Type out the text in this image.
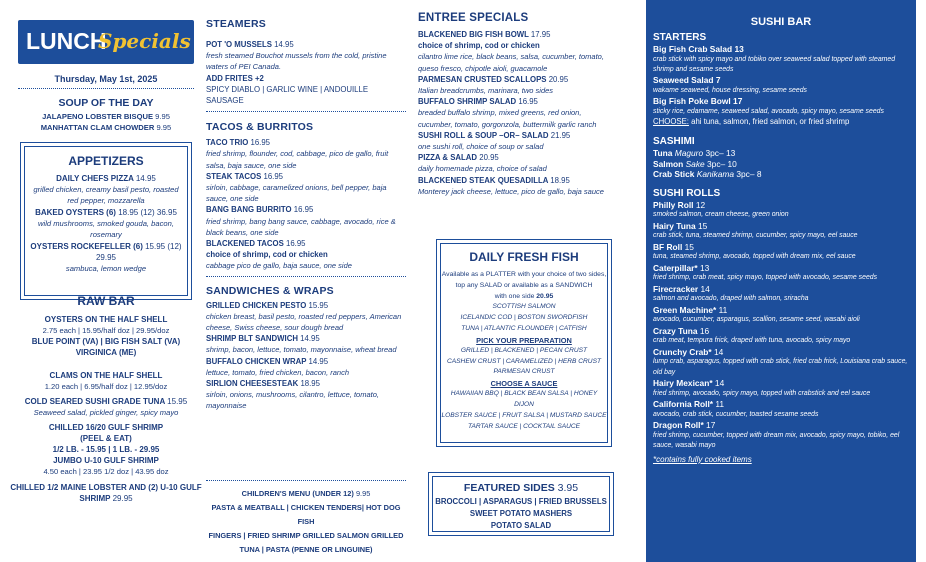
LUNCH
Specials
Thursday, May 1st, 2025
SOUP OF THE DAY
JALAPENO LOBSTER BISQUE 9.95
MANHATTAN CLAM CHOWDER 9.95
APPETIZERS
DAILY CHEFS PIZZA 14.95
grilled chicken, creamy basil pesto, roasted red pepper, mozzarella
BAKED OYSTERS (6) 18.95 (12) 36.95
wild mushrooms, smoked gouda, bacon, rosemary
OYSTERS ROCKEFELLER (6) 15.95 (12) 29.95
sambuca, lemon wedge
RAW BAR
OYSTERS ON THE HALF SHELL
2.75 each | 15.95/half doz | 29.95/doz
BLUE POINT (VA) | BIG FISH SALT (VA)
VIRGINICA (ME)
CLAMS ON THE HALF SHELL
1.20 each | 6.95/half doz | 12.95/doz
COLD SEARED SUSHI GRADE TUNA 15.95
Seaweed salad, pickled ginger, spicy mayo
CHILLED 16/20 GULF SHRIMP
(PEEL & EAT)
1/2 LB. - 15.95 | 1 LB. - 29.95
JUMBO U-10 GULF SHRIMP
4.50 each | 23.95 1/2 doz | 43.95 doz
CHILLED 1/2 MAINE LOBSTER AND (2) U-10 GULF
SHRIMP 29.95
STEAMERS
POT 'O MUSSELS 14.95
fresh steamed Bouchot mussels from the cold, pristine waters of PEI Canada.
ADD FRITES +2
SPICY DIABLO | GARLIC WINE | ANDOUILLE SAUSAGE
TACOS & BURRITOS
TACO TRIO 16.95
fried shrimp, flounder, cod, cabbage, pico de gallo, fruit salsa, baja sauce, one side
STEAK TACOS 16.95
sirloin, cabbage, caramelized onions, bell pepper, baja sauce, one side
BANG BANG BURRITO 16.95
fried shrimp, bang bang sauce, cabbage, avocado, rice & black beans, one side
BLACKENED TACOS 16.95
choice of shrimp, cod or chicken
cabbage pico de gallo, baja sauce, one side
SANDWICHES & WRAPS
GRILLED CHICKEN PESTO 15.95
chicken breast, basil pesto, roasted red peppers, American cheese, Swiss cheese, sour dough bread
SHRIMP BLT SANDWICH 14.95
shrimp, bacon, lettuce, tomato, mayonnaise, wheat bread
BUFFALO CHICKEN WRAP 14.95
lettuce, tomato, fried chicken, bacon, ranch
SIRLION CHEESESTEAK 18.95
sirloin, onions, mushrooms, cilantro, lettuce, tomato, mayonnaise
CHILDREN'S MENU (UNDER 12) 9.95
PASTA & MEATBALL | CHICKEN TENDERS| HOT DOG FISH
FINGERS | FRIED SHRIMP GRILLED SALMON GRILLED
TUNA | PASTA (PENNE OR LINGUINE)
ENTREE SPECIALS
BLACKENED BIG FISH BOWL 17.95
choice of shrimp, cod or chicken
cilantro lime rice, black beans, salsa, cucumber, tomato, queso fresco, chipotle aioli, guacamole
PARMESAN CRUSTED SCALLOPS 20.95
Italian breadcrumbs, marinara, two sides
BUFFALO SHRIMP SALAD 16.95
breaded buffalo shrimp, mixed greens, red onion, cucumber, tomato, gorgonzola, buttermilk garlic ranch
SUSHI ROLL & SOUP –OR– SALAD 21.95
one sushi roll, choice of soup or salad
PIZZA & SALAD 20.95
daily homemade pizza, choice of salad
BLACKENED STEAK QUESADILLA 18.95
Monterey jack cheese, lettuce, pico de gallo, baja sauce
DAILY FRESH FISH
Available as a PLATTER with your choice of two sides,
top any SALAD or available as a SANDWICH
with one side 20.95
SCOTTISH SALMON
ICELANDIC COD | BOSTON SWORDFISH
TUNA | ATLANTIC FLOUNDER | CATFISH
PICK YOUR PREPARATION
GRILLED | BLACKENED | PECAN CRUST
CASHEW CRUST | CARAMELIZED | HERB CRUST
PARMESAN CRUST
CHOOSE A SAUCE
HAWAIIAN BBQ | BLACK BEAN SALSA | HONEY DIJON
LOBSTER SAUCE | FRUIT SALSA | MUSTARD SAUCE
TARTAR SAUCE | COCKTAIL SAUCE
FEATURED SIDES 3.95
BROCCOLI | ASPARAGUS | FRIED BRUSSELS
SWEET POTATO MASHERS
POTATO SALAD
SUSHI BAR
STARTERS
Big Fish Crab Salad 13
crab stick with spicy mayo and tobiko over seaweed salad topped with steamed shrimp and sesame seeds
Seaweed Salad 7
wakame seaweed, house dressing, sesame seeds
Big Fish Poke Bowl 17
sticky rice, edamame, seaweed salad, avocado, spicy mayo, sesame seeds
CHOOSE: ahi tuna, salmon, fried salmon, or fried shrimp
SASHIMI
Tuna Maguro 3pc– 13
Salmon Sake 3pc– 10
Crab Stick Kanikama 3pc– 8
SUSHI ROLLS
Philly Roll 12
smoked salmon, cream cheese, green onion
Hairy Tuna 15
crab stick, tuna, steamed shrimp, cucumber, spicy mayo, eel sauce
BF Roll 15
tuna, steamed shrimp, avocado, topped with dream mix, eel sauce
Caterpillar* 13
fried shrimp, crab meat, spicy mayo, topped with avocado, sesame seeds
Firecracker 14
salmon and avocado, draped with salmon, sriracha
Green Machine* 11
avocado, cucumber, asparagus, scallion, sesame seed, wasabi aioli
Crazy Tuna 16
crab meat, tempura frick, draped with tuna, avocado, spicy mayo
Crunchy Crab* 14
lump crab, asparagus, topped with crab stick, fried crab frick, Louisiana crab sauce, old bay
Hairy Mexican* 14
fried shrimp, avocado, spicy mayo, topped with crabstick and eel sauce
California Roll* 11
avocado, crab stick, cucumber, toasted sesame seeds
Dragon Roll* 17
fried shrimp, cucumber, topped with dream mix, avocado, spicy mayo, tobiko, eel sauce, wasabi mayo
*contains fully cooked items
